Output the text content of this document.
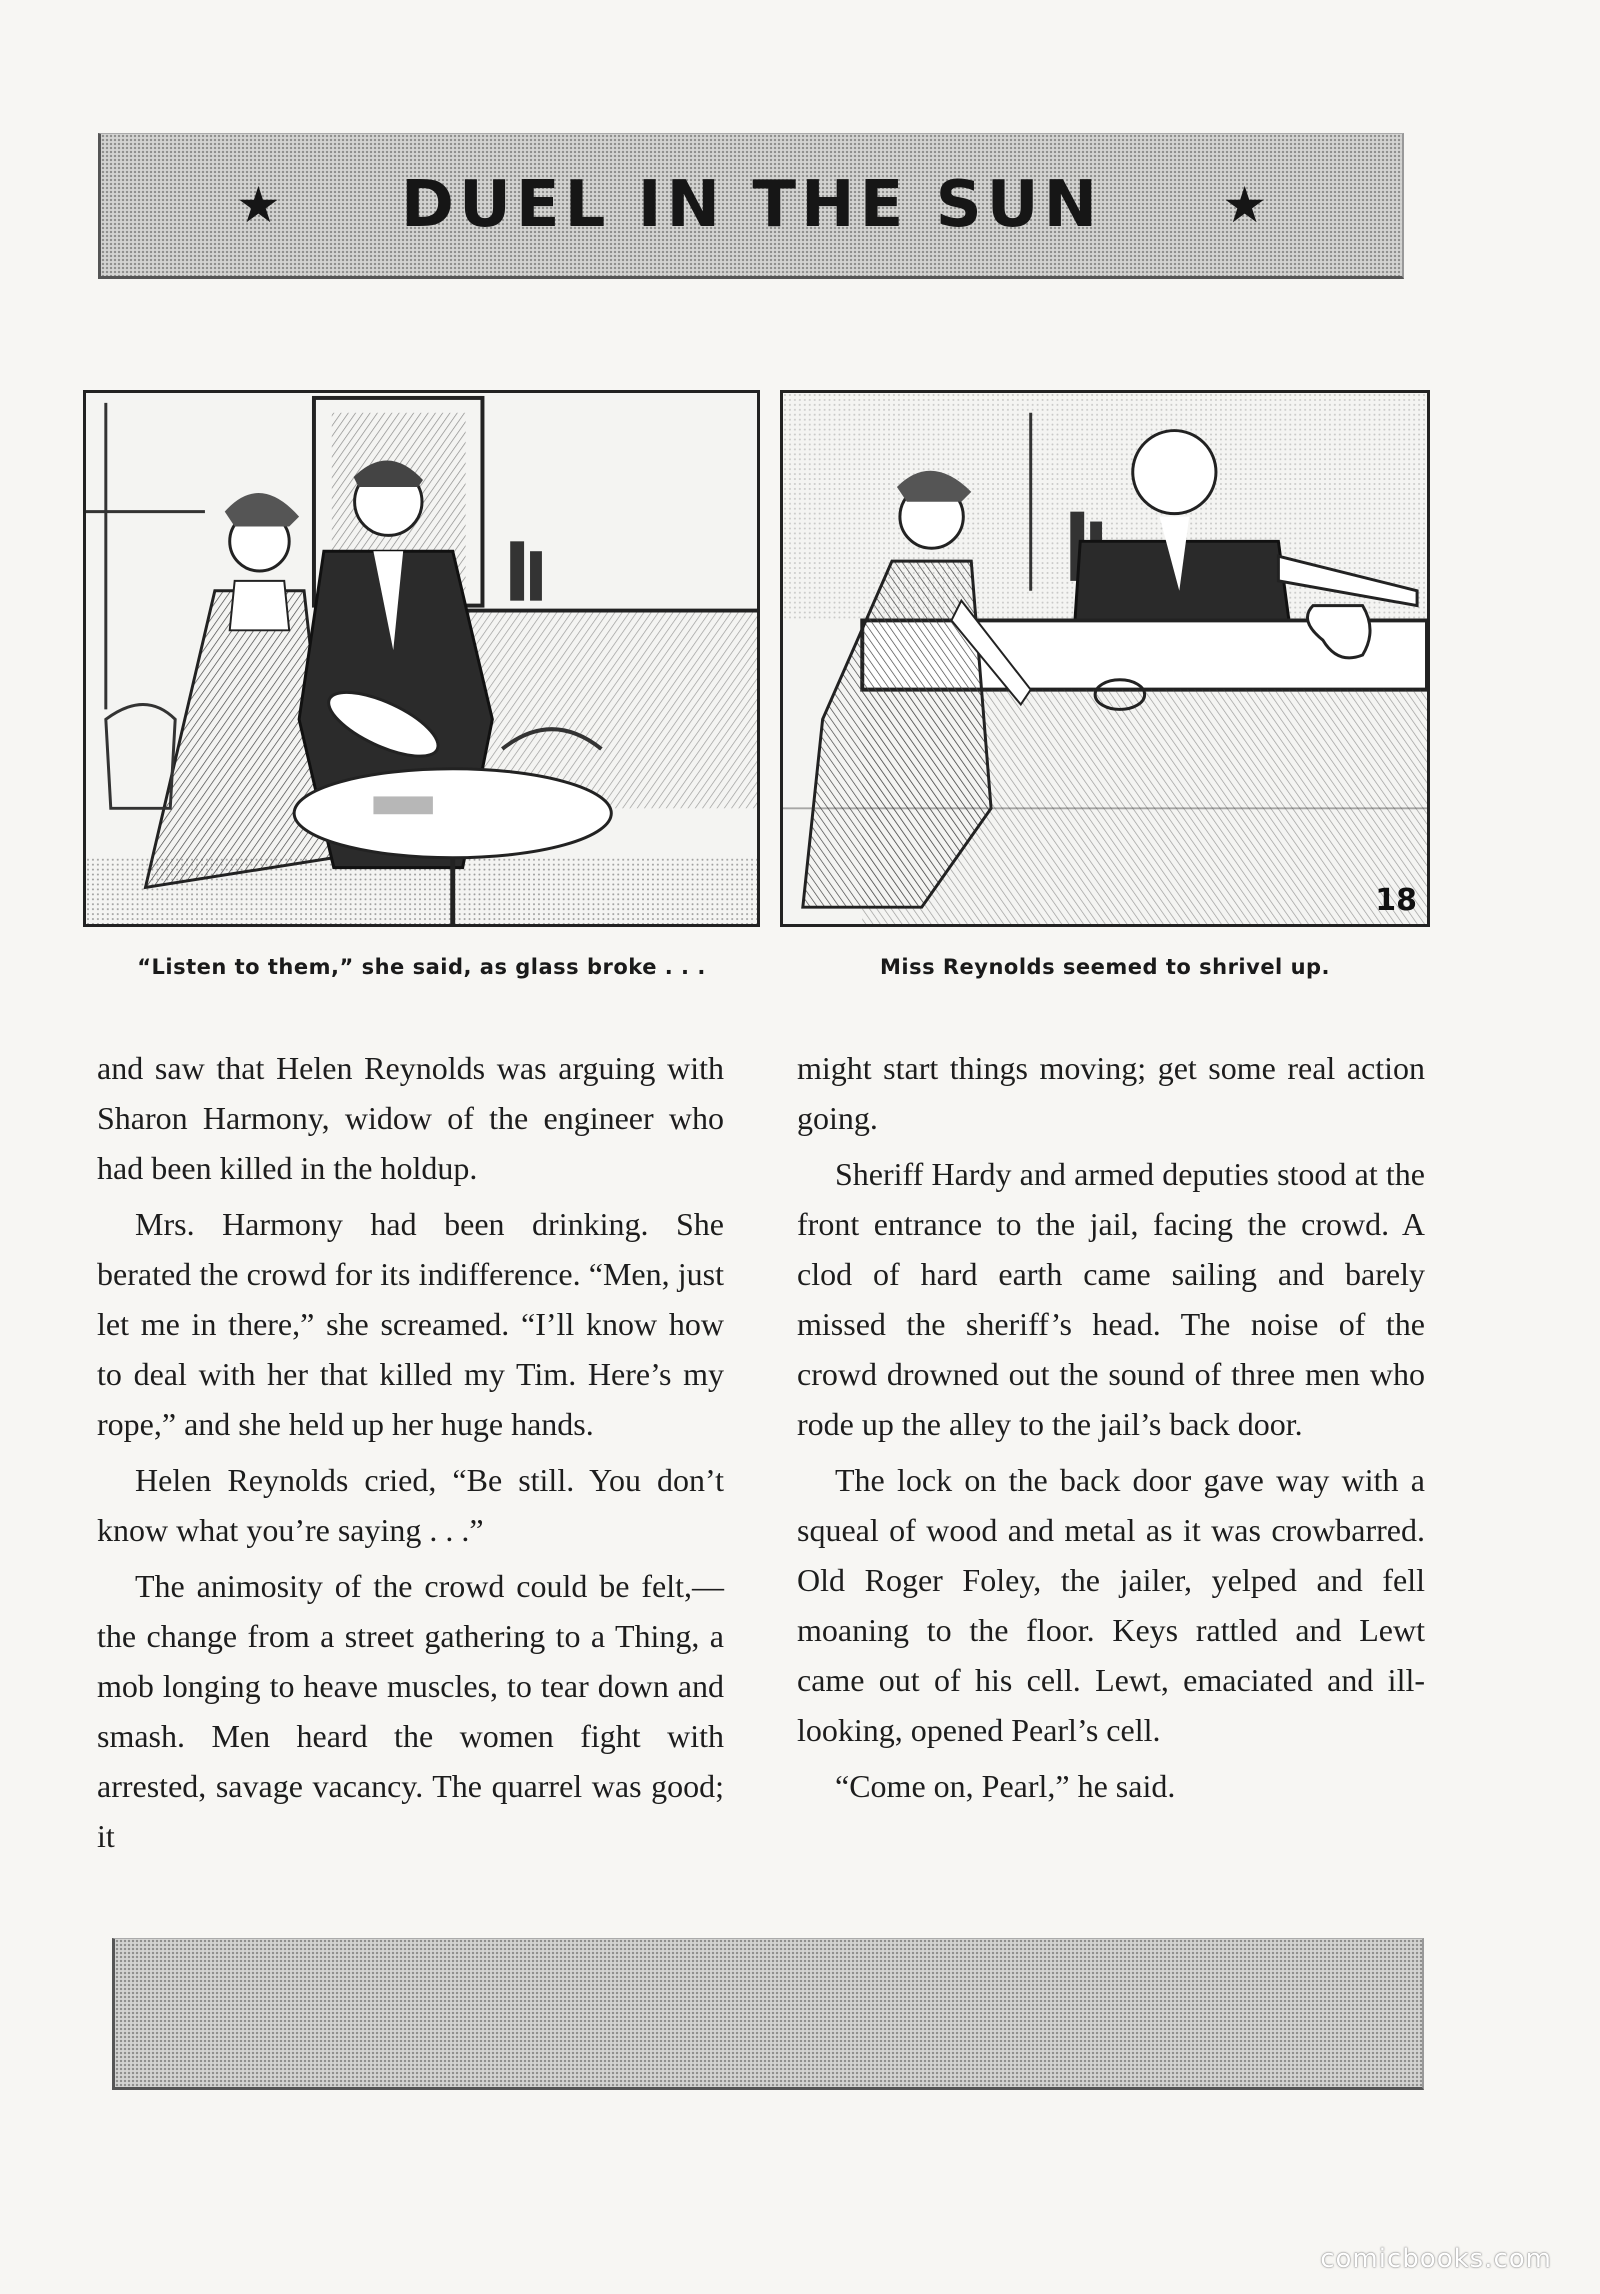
★ DUEL IN THE SUN ★
18
“Listen to them,” she said, as glass broke . . .	Miss Reynolds seemed to shrivel up.

and saw that Helen Reynolds was arguing with Sharon Harmony, widow of the engineer who had been killed in the holdup.

Mrs. Harmony had been drinking. She berated the crowd for its indifference. “Men, just let me in there,” she screamed. “I’ll know how to deal with her that killed my Tim. Here’s my rope,” and she held up her huge hands.

Helen Reynolds cried, “Be still. You don’t know what you’re saying . . .”

The animosity of the crowd could be felt,—the change from a street gathering to a Thing, a mob longing to heave muscles, to tear down and smash. Men heard the women fight with arrested, savage vacancy. The quarrel was good; it

might start things moving; get some real action going.

Sheriff Hardy and armed deputies stood at the front entrance to the jail, facing the crowd. A clod of hard earth came sailing and barely missed the sheriff’s head. The noise of the crowd drowned out the sound of three men who rode up the alley to the jail’s back door.

The lock on the back door gave way with a squeal of wood and metal as it was crowbarred. Old Roger Foley, the jailer, yelped and fell moaning to the floor. Keys rattled and Lewt came out of his cell. Lewt, emaciated and ill-looking, opened Pearl’s cell.

“Come on, Pearl,” he said.

comicbooks.com
